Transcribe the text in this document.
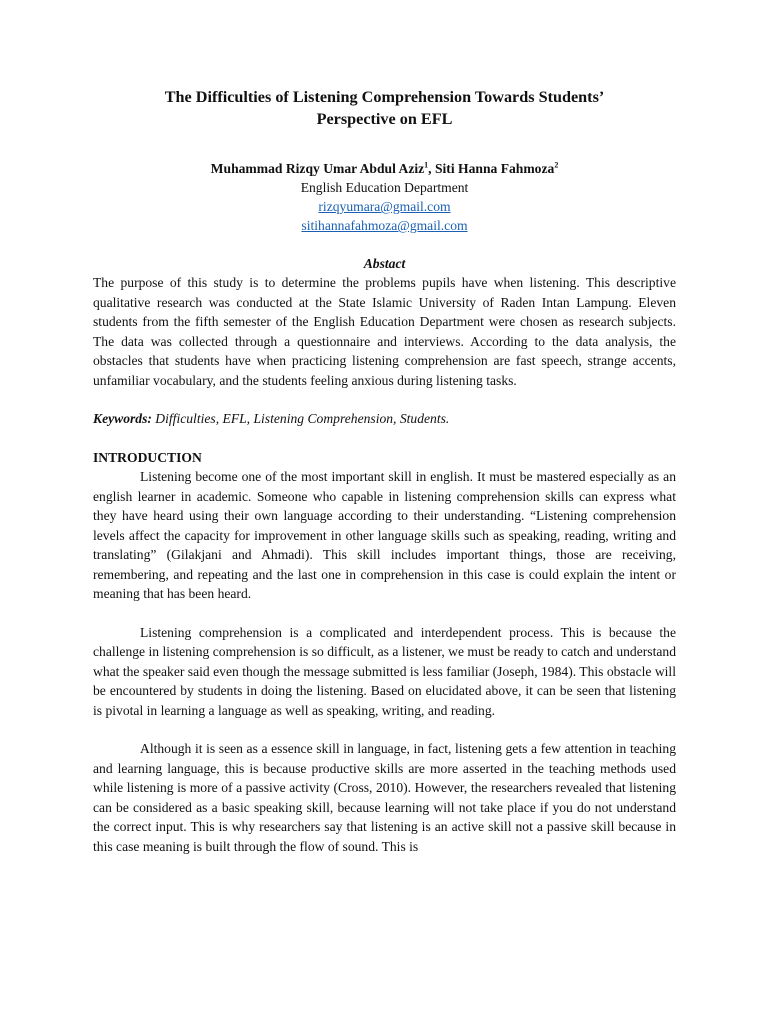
The Difficulties of Listening Comprehension Towards Students’
Perspective on EFL

Muhammad Rizqy Umar Abdul Aziz$^1$, Siti Hanna Fahmoza$^2$

English Education Department
rizqyumara@gmail.com
sitihannafahmoza@gmail.com
Abstact

The purpose of this study is to determine the problems pupils have when listening. This descriptive qualitative research was conducted at the State Islamic University of Raden Intan Lampung. Eleven students from the fifth semester of the English Education Department were chosen as research subjects. The data was collected through a questionnaire and interviews. According to the data analysis, the obstacles that students have when practicing listening comprehension are fast speech, strange accents, unfamiliar vocabulary, and the students feeling anxious during listening tasks.

Keywords: Difficulties, EFL, Listening Comprehension, Students.
INTRODUCTION

Listening become one of the most important skill in english. It must be mastered especially as an english learner in academic. Someone who capable in listening comprehension skills can express what they have heard using their own language according to their understanding. “Listening comprehension levels affect the capacity for improvement in other language skills such as speaking, reading, writing and translating” (Gilakjani and Ahmadi). This skill includes important things, those are receiving, remembering, and repeating and the last one in comprehension in this case is could explain the intent or meaning that has been heard.

Listening comprehension is a complicated and interdependent process. This is because the challenge in listening comprehension is so difficult, as a listener, we must be ready to catch and understand what the speaker said even though the message submitted is less familiar (Joseph, 1984). This obstacle will be encountered by students in doing the listening. Based on elucidated above, it can be seen that listening is pivotal in learning a language as well as speaking, writing, and reading.

Although it is seen as a essence skill in language, in fact, listening gets a few attention in teaching and learning language, this is because productive skills are more asserted in the teaching methods used while listening is more of a passive activity (Cross, 2010). However, the researchers revealed that listening can be considered as a basic speaking skill, because learning will not take place if you do not understand the correct input. This is why researchers say that listening is an active skill not a passive skill because in this case meaning is built through the flow of sound. This is
